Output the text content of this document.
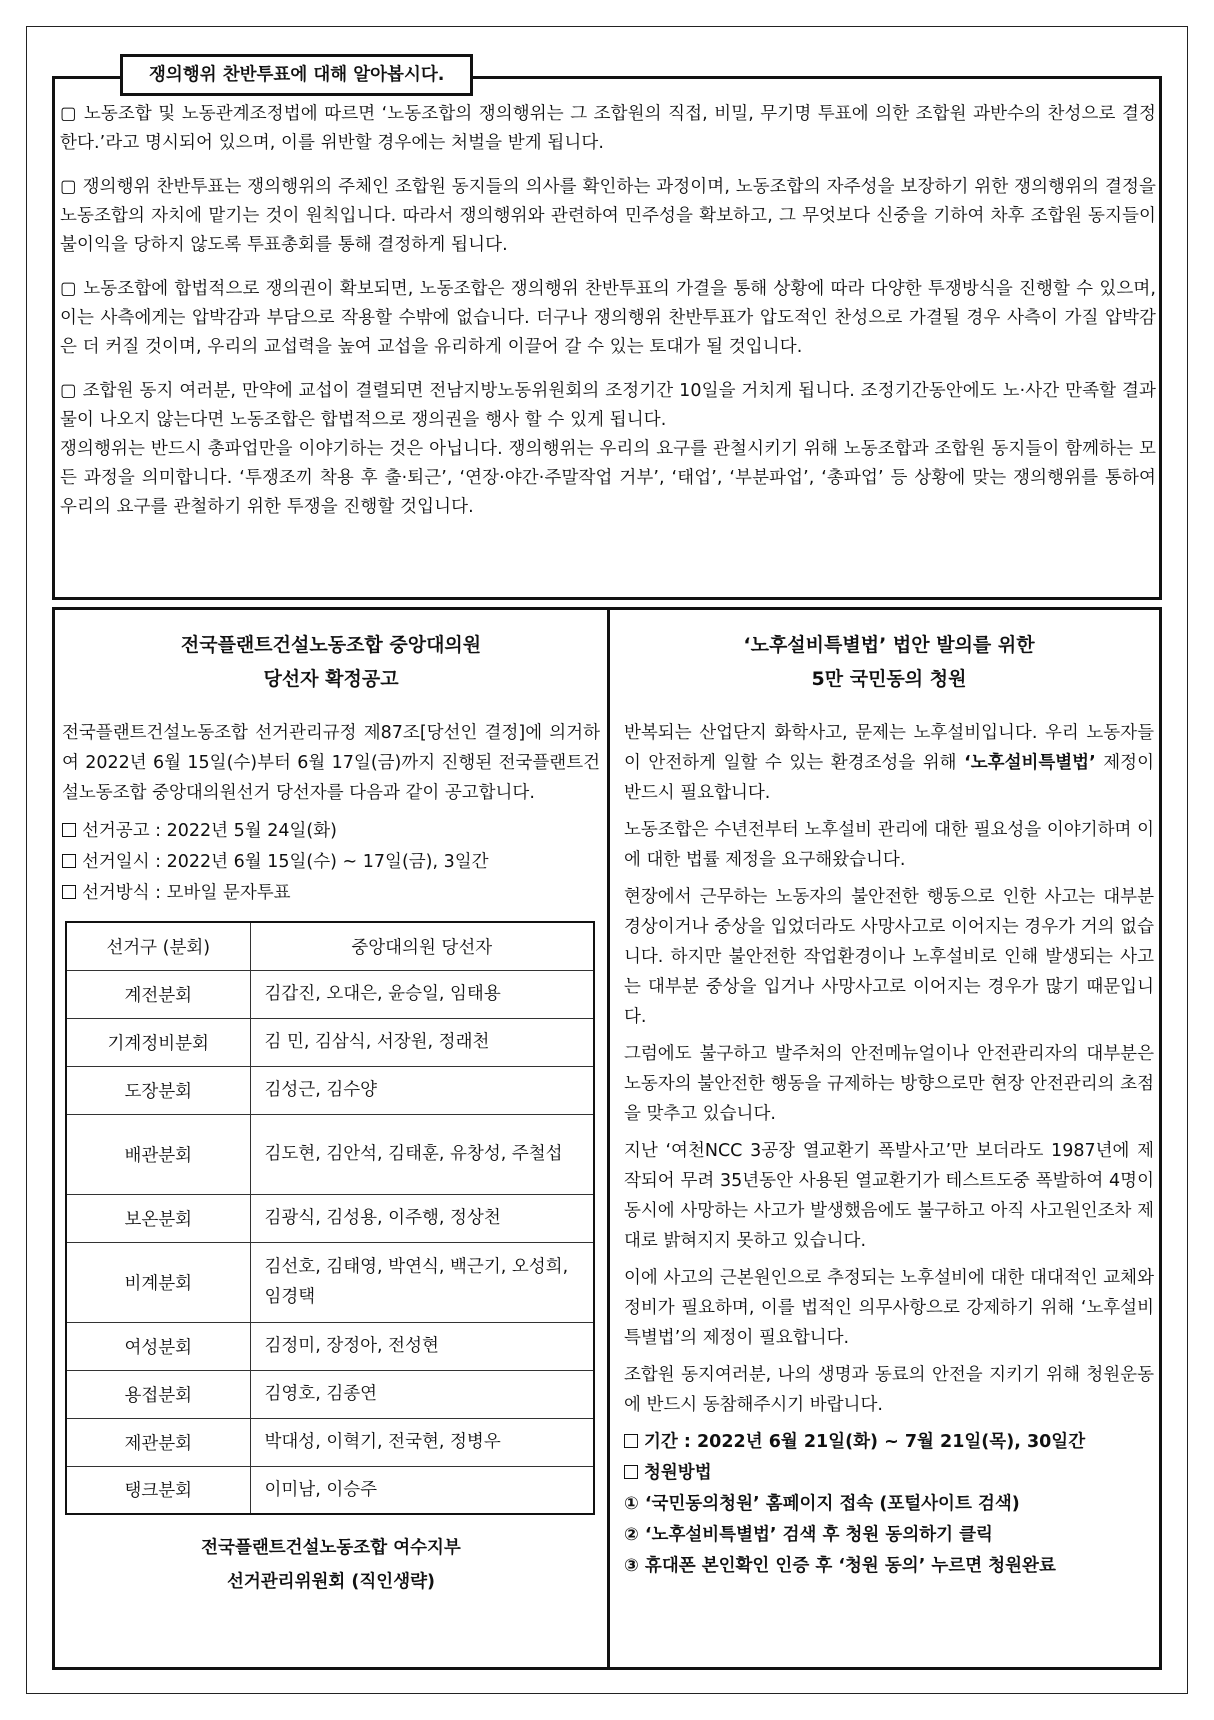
쟁의행위 찬반투표에 대해 알아봅시다.

▢ 노동조합 및 노동관계조정법에 따르면 ‘노동조합의 쟁의행위는 그 조합원의 직접, 비밀, 무기명 투표에 의한 조합원 과반수의 찬성으로 결정한다.’라고 명시되어 있으며, 이를 위반할 경우에는 처벌을 받게 됩니다.

▢ 쟁의행위 찬반투표는 쟁의행위의 주체인 조합원 동지들의 의사를 확인하는 과정이며, 노동조합의 자주성을 보장하기 위한 쟁의행위의 결정을 노동조합의 자치에 맡기는 것이 원칙입니다. 따라서 쟁의행위와 관련하여 민주성을 확보하고, 그 무엇보다 신중을 기하여 차후 조합원 동지들이 불이익을 당하지 않도록 투표총회를 통해 결정하게 됩니다.

▢ 노동조합에 합법적으로 쟁의권이 확보되면, 노동조합은 쟁의행위 찬반투표의 가결을 통해 상황에 따라 다양한 투쟁방식을 진행할 수 있으며, 이는 사측에게는 압박감과 부담으로 작용할 수밖에 없습니다. 더구나 쟁의행위 찬반투표가 압도적인 찬성으로 가결될 경우 사측이 가질 압박감은 더 커질 것이며, 우리의 교섭력을 높여 교섭을 유리하게 이끌어 갈 수 있는 토대가 될 것입니다.

▢ 조합원 동지 여러분, 만약에 교섭이 결렬되면 전남지방노동위원회의 조정기간 10일을 거치게 됩니다. 조정기간동안에도 노·사간 만족할 결과물이 나오지 않는다면 노동조합은 합법적으로 쟁의권을 행사 할 수 있게 됩니다.

쟁의행위는 반드시 총파업만을 이야기하는 것은 아닙니다. 쟁의행위는 우리의 요구를 관철시키기 위해 노동조합과 조합원 동지들이 함께하는 모든 과정을 의미합니다. ‘투쟁조끼 착용 후 출·퇴근’, ‘연장·야간·주말작업 거부’, ‘태업’, ‘부분파업’, ‘총파업’ 등 상황에 맞는 쟁의행위를 통하여 우리의 요구를 관철하기 위한 투쟁을 진행할 것입니다.

전국플랜트건설노동조합 중앙대의원
당선자 확정공고

전국플랜트건설노동조합 선거관리규정 제87조[당선인 결정]에 의거하여 2022년 6월 15일(수)부터 6월 17일(금)까지 진행된 전국플랜트건설노동조합 중앙대의원선거 당선자를 다음과 같이 공고합니다.

선거공고 : 2022년 5월 24일(화)
선거일시 : 2022년 6월 15일(수) ~ 17일(금), 3일간
선거방식 : 모바일 문자투표
선거구 (분회)	중앙대의원 당선자
계전분회	김갑진, 오대은, 윤승일, 임태용
기계정비분회	김 민, 김삼식, 서장원, 정래천
도장분회	김성근, 김수양
배관분회	김도현, 김안석, 김태훈, 유창성, 주철섭
보온분회	김광식, 김성용, 이주행, 정상천
비계분회	김선호, 김태영, 박연식, 백근기, 오성희, 임경택
여성분회	김정미, 장정아, 전성현
용접분회	김영호, 김종연
제관분회	박대성, 이혁기, 전국현, 정병우
탱크분회	이미남, 이승주
전국플랜트건설노동조합 여수지부
선거관리위원회 (직인생략)
‘노후설비특별법’ 법안 발의를 위한
5만 국민동의 청원

반복되는 산업단지 화학사고, 문제는 노후설비입니다. 우리 노동자들이 안전하게 일할 수 있는 환경조성을 위해 ‘노후설비특별법’ 제정이 반드시 필요합니다.

노동조합은 수년전부터 노후설비 관리에 대한 필요성을 이야기하며 이에 대한 법률 제정을 요구해왔습니다.

현장에서 근무하는 노동자의 불안전한 행동으로 인한 사고는 대부분 경상이거나 중상을 입었더라도 사망사고로 이어지는 경우가 거의 없습니다. 하지만 불안전한 작업환경이나 노후설비로 인해 발생되는 사고는 대부분 중상을 입거나 사망사고로 이어지는 경우가 많기 때문입니다.

그럼에도 불구하고 발주처의 안전메뉴얼이나 안전관리자의 대부분은 노동자의 불안전한 행동을 규제하는 방향으로만 현장 안전관리의 초점을 맞추고 있습니다.

지난 ‘여천NCC 3공장 열교환기 폭발사고’만 보더라도 1987년에 제작되어 무려 35년동안 사용된 열교환기가 테스트도중 폭발하여 4명이 동시에 사망하는 사고가 발생했음에도 불구하고 아직 사고원인조차 제대로 밝혀지지 못하고 있습니다.

이에 사고의 근본원인으로 추정되는 노후설비에 대한 대대적인 교체와 정비가 필요하며, 이를 법적인 의무사항으로 강제하기 위해 ‘노후설비특별법’의 제정이 필요합니다.

조합원 동지여러분, 나의 생명과 동료의 안전을 지키기 위해 청원운동에 반드시 동참해주시기 바랍니다.

기간 : 2022년 6월 21일(화) ~ 7월 21일(목), 30일간
청원방법
① ‘국민동의청원’ 홈페이지 접속 (포털사이트 검색)
② ‘노후설비특별법’ 검색 후 청원 동의하기 클릭
③ 휴대폰 본인확인 인증 후 ‘청원 동의’ 누르면 청원완료
